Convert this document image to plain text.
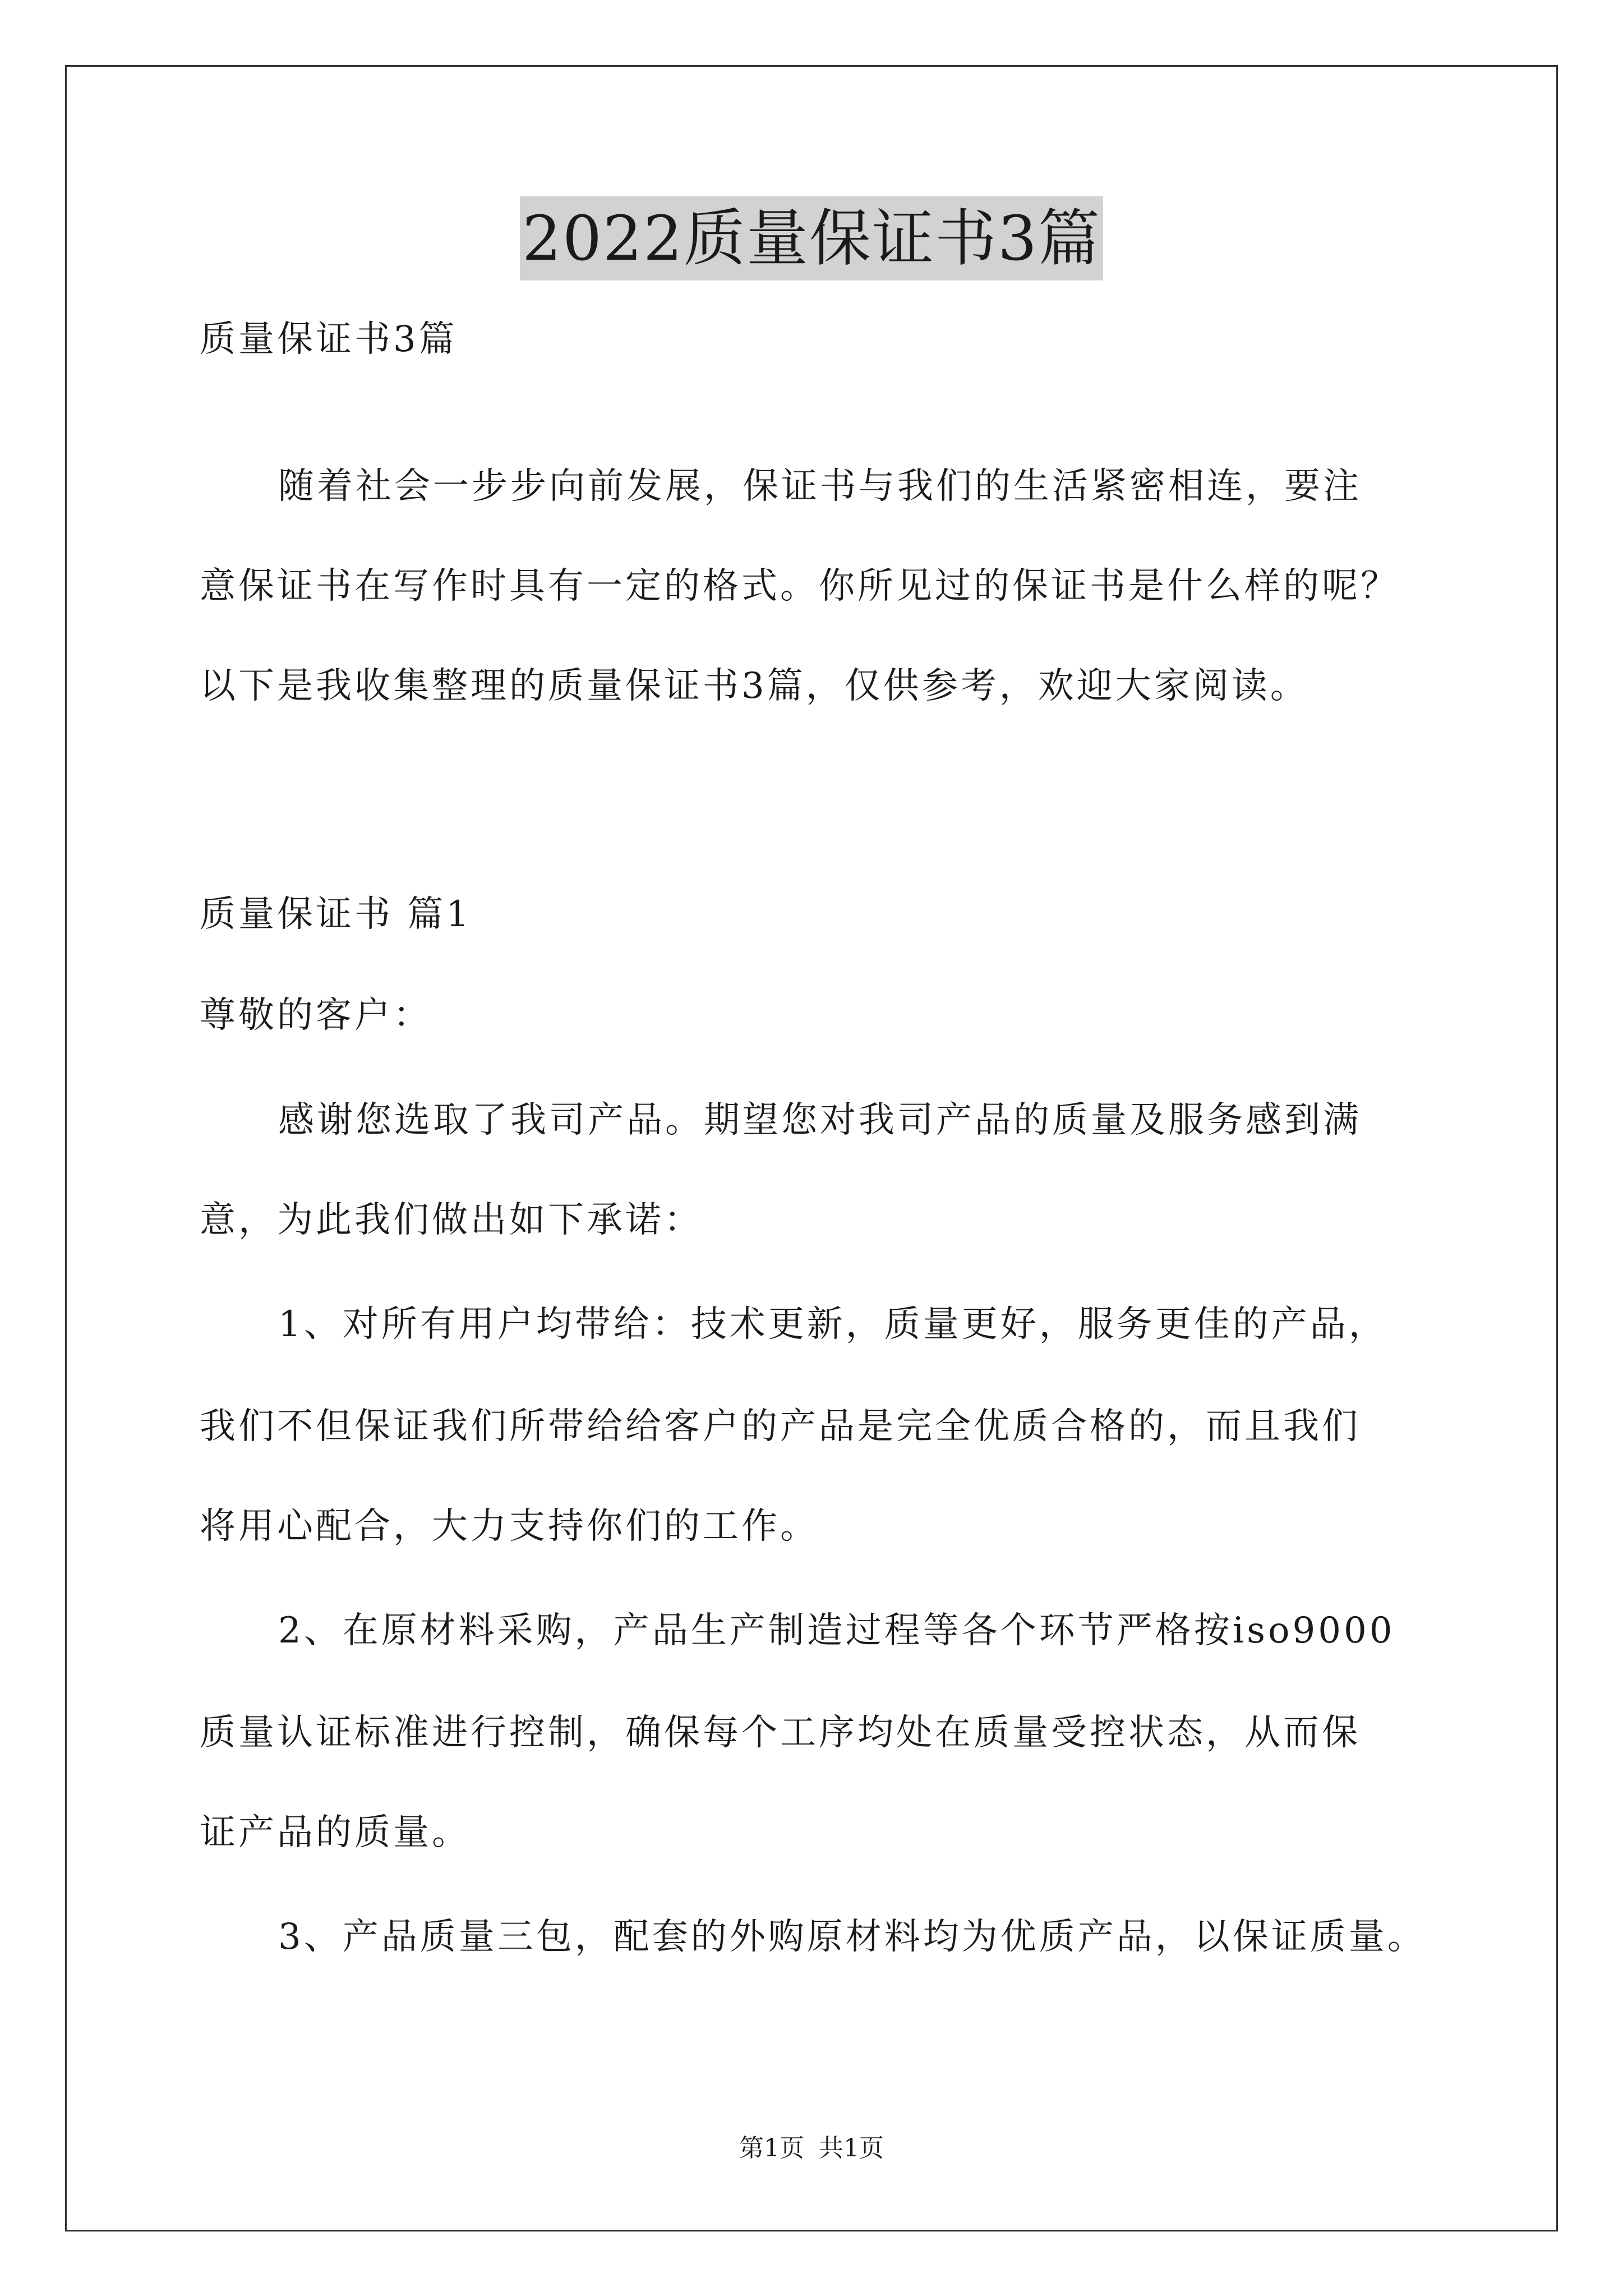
2022质量保证书3篇
质量保证书3篇
随着社会一步步向前发展，保证书与我们的生活紧密相连，要注
意保证书在写作时具有一定的格式。你所见过的保证书是什么样的呢？
以下是我收集整理的质量保证书3篇，仅供参考，欢迎大家阅读。
质量保证书 篇1
尊敬的客户：
感谢您选取了我司产品。期望您对我司产品的质量及服务感到满
意，为此我们做出如下承诺：
1、对所有用户均带给：技术更新，质量更好，服务更佳的产品，
我们不但保证我们所带给给客户的产品是完全优质合格的，而且我们
将用心配合，大力支持你们的工作。
2、在原材料采购，产品生产制造过程等各个环节严格按iso9000
质量认证标准进行控制，确保每个工序均处在质量受控状态，从而保
证产品的质量。
3、产品质量三包，配套的外购原材料均为优质产品，以保证质量。
第1页 共1页
